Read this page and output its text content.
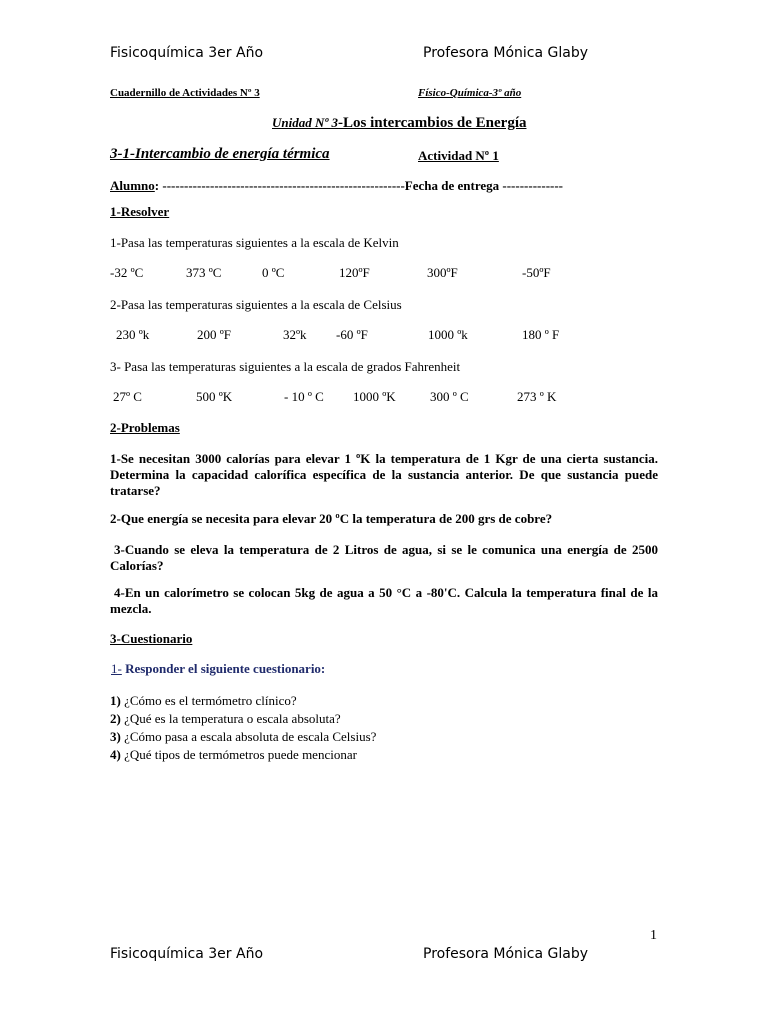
Fisicoquímica 3er Año	Profesora Mónica Glaby
Cuadernillo de Actividades Nº 3	Físico-Química-3º año
Unidad Nº 3-Los intercambios de Energía
3-1-Intercambio de energía térmica	Actividad Nº 1
Alumno: --------------------------------------------------------Fecha de entrega --------------
1-Resolver
1-Pasa las temperaturas siguientes a la escala de Kelvin
-32 ºC	373 ºC	0 ºC	120ºF	300ºF	-50ºF
2-Pasa las temperaturas siguientes a la escala de Celsius
230 ºk	200 ºF	32ºk -60 ºF	1000 ºk	180 º F
3- Pasa las temperaturas siguientes a la escala de grados Fahrenheit
27º C	500 ºK	- 10 º C 1000 ºK	300 º C	273 º K
2-Problemas
1-Se necesitan 3000 calorías para elevar 1 ºK la temperatura de 1 Kgr de una cierta sustancia. Determina la capacidad calorífica específica de la sustancia anterior. De que sustancia puede tratarse?
2-Que energía se necesita para elevar 20 ºC la temperatura de 200 grs de cobre?
3-Cuando se eleva la temperatura de 2 Litros de agua, si se le comunica una energía de 2500 Calorías?
4-En un calorímetro se colocan 5kg de agua a 50 °C a -80'C. Calcula la temperatura final de la mezcla.
3-Cuestionario
1- Responder el siguiente cuestionario:
1) ¿Cómo es el termómetro clínico?
2) ¿Qué es la temperatura o escala absoluta?
3) ¿Cómo pasa a escala absoluta de escala Celsius?
4) ¿Qué tipos de termómetros puede mencionar
1
Fisicoquímica 3er Año	Profesora Mónica Glaby
